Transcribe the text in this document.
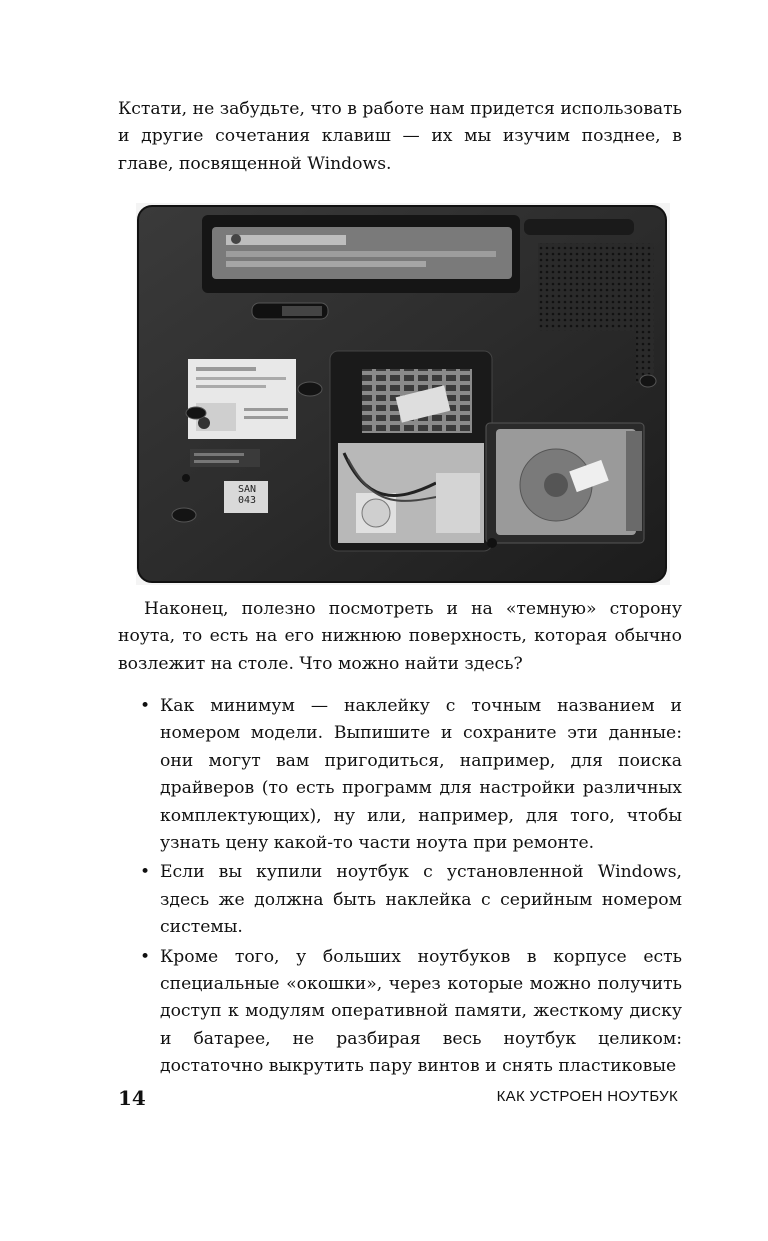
Кстати, не забудьте, что в работе нам придется использовать и другие сочетания клавиш — их мы изучим позднее, в главе, посвященной Windows.

SAN 043

Наконец, полезно посмотреть и на «темную» сторону ноута, то есть на его нижнюю поверхность, которая обычно возлежит на столе. Что можно найти здесь?

• Как минимум — наклейку с точным названием и номером модели. Выпишите и сохраните эти данные: они могут вам пригодиться, например, для поиска драйверов (то есть программ для настройки различных комплектующих), ну или, например, для того, чтобы узнать цену какой-то части ноута при ремонте.
• Если вы купили ноутбук с установленной Windows, здесь же должна быть наклейка с серийным номером системы.
• Кроме того, у больших ноутбуков в корпусе есть специальные «окошки», через которые можно получить доступ к модулям оперативной памяти, жесткому диску и батарее, не разбирая весь ноутбук целиком: достаточно выкрутить пару винтов и снять пластиковые
14	КАК УСТРОЕН НОУТБУК
